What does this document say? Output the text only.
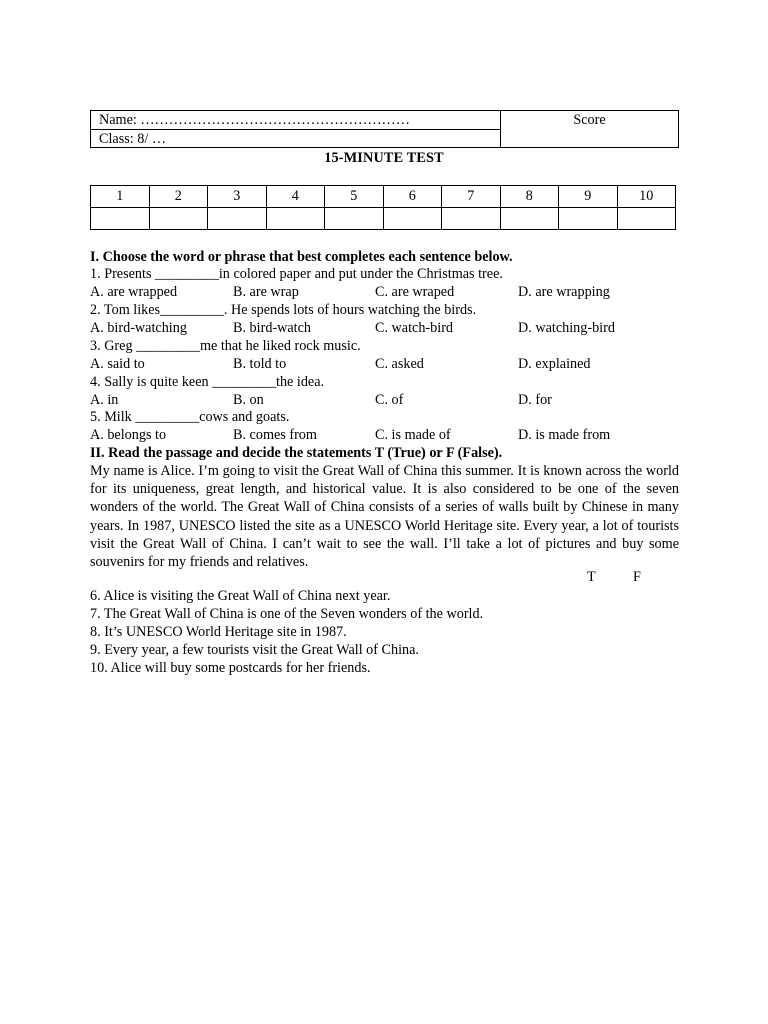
Name: …………………………………………………
Class: 8/ …
Score
15-MINUTE TEST
1	2	3	4	5	6	7	8	9	10

I. Choose the word or phrase that best completes each sentence below.
1. Presents _________in colored paper and put under the Christmas tree.
A. are wrapped	B. are wrap	C. are wraped	D. are wrapping
2. Tom likes_________. He spends lots of hours watching the birds.
A. bird-watching	B. bird-watch	C. watch-bird	D. watching-bird
3. Greg _________me that he liked rock music.
A. said to	B. told to	C. asked	D. explained
4. Sally is quite keen _________the idea.
A. in	B. on	C. of	D. for
5. Milk _________cows and goats.
A. belongs to	B. comes from	C. is made of	D. is made from
II. Read the passage and decide the statements T (True) or F (False).
My name is Alice. I’m going to visit the Great Wall of China this summer. It is known across the world for its uniqueness, great length, and historical value. It is also considered to be one of the seven wonders of the world. The Great Wall of China consists of a series of walls built by Chinese in many years. In 1987, UNESCO listed the site as a UNESCO World Heritage site. Every year, a lot of tourists visit the Great Wall of China. I can’t wait to see the wall. I’ll take a lot of pictures and buy some souvenirs for my friends and relatives.
T	F
6. Alice is visiting the Great Wall of China next year.
7. The Great Wall of China is one of the Seven wonders of the world.
8. It’s UNESCO World Heritage site in 1987.
9. Every year, a few tourists visit the Great Wall of China.
10. Alice will buy some postcards for her friends.
